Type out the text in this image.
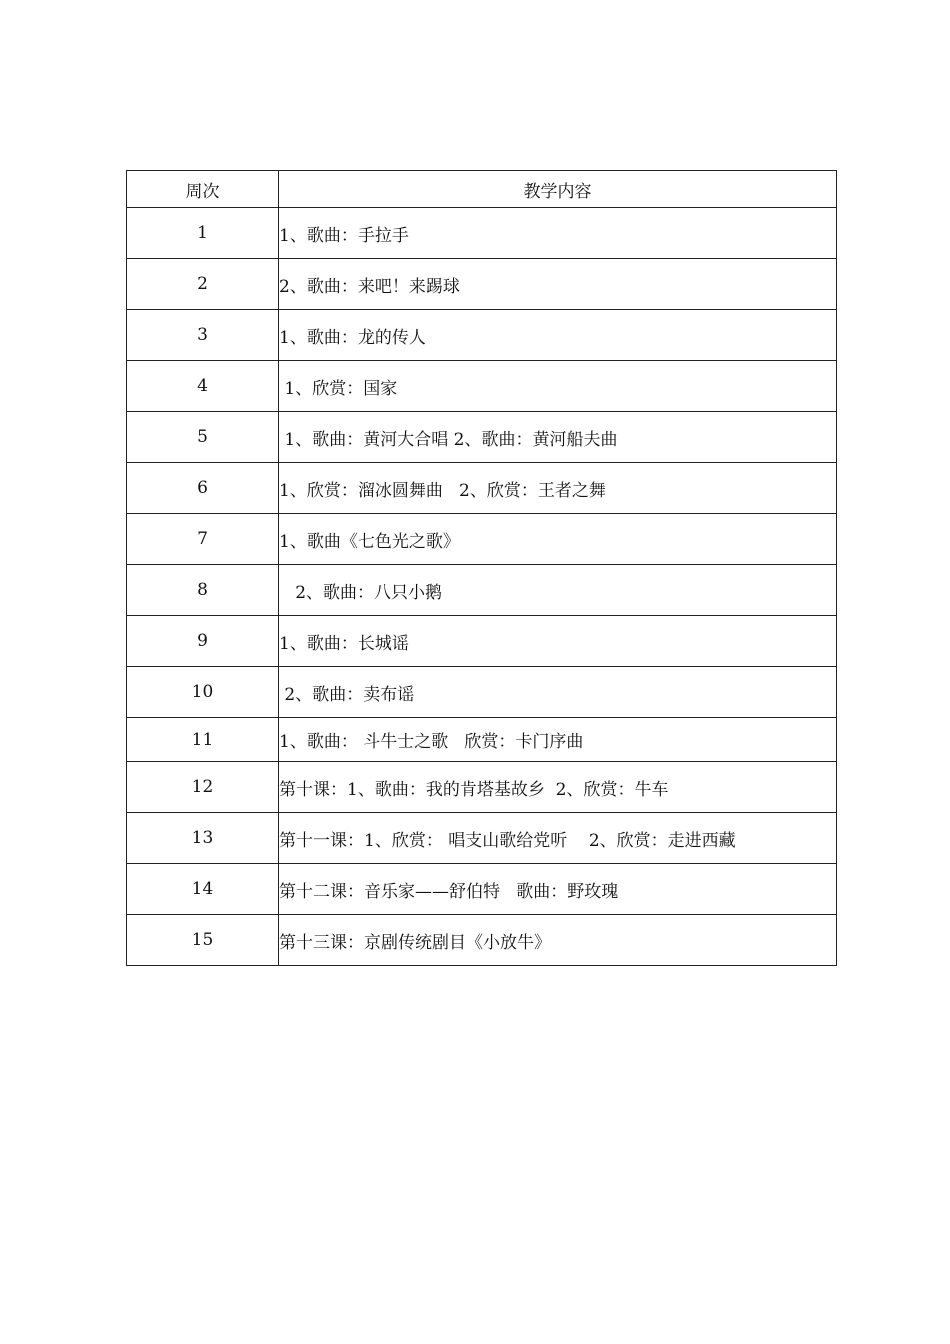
周次	教学内容
1	1、歌曲：手拉手
2	2、歌曲：来吧！来踢球
3	1、歌曲：龙的传人
4	1、欣赏：国家
5	1、歌曲：黄河大合唱 2、歌曲：黄河船夫曲
6	1、欣赏：溜冰圆舞曲   2、欣赏：王者之舞
7	1、歌曲《七色光之歌》
8	2、歌曲：八只小鹅
9	1、歌曲：长城谣
10	2、歌曲：卖布谣
11	1、歌曲： 斗牛士之歌   欣赏：卡门序曲
12	第十课：1、歌曲：我的肯塔基故乡  2、欣赏：牛车
13	第十一课：1、欣赏： 唱支山歌给党听    2、欣赏：走进西藏
14	第十二课：音乐家——舒伯特   歌曲：野玫瑰
15	第十三课：京剧传统剧目《小放牛》
